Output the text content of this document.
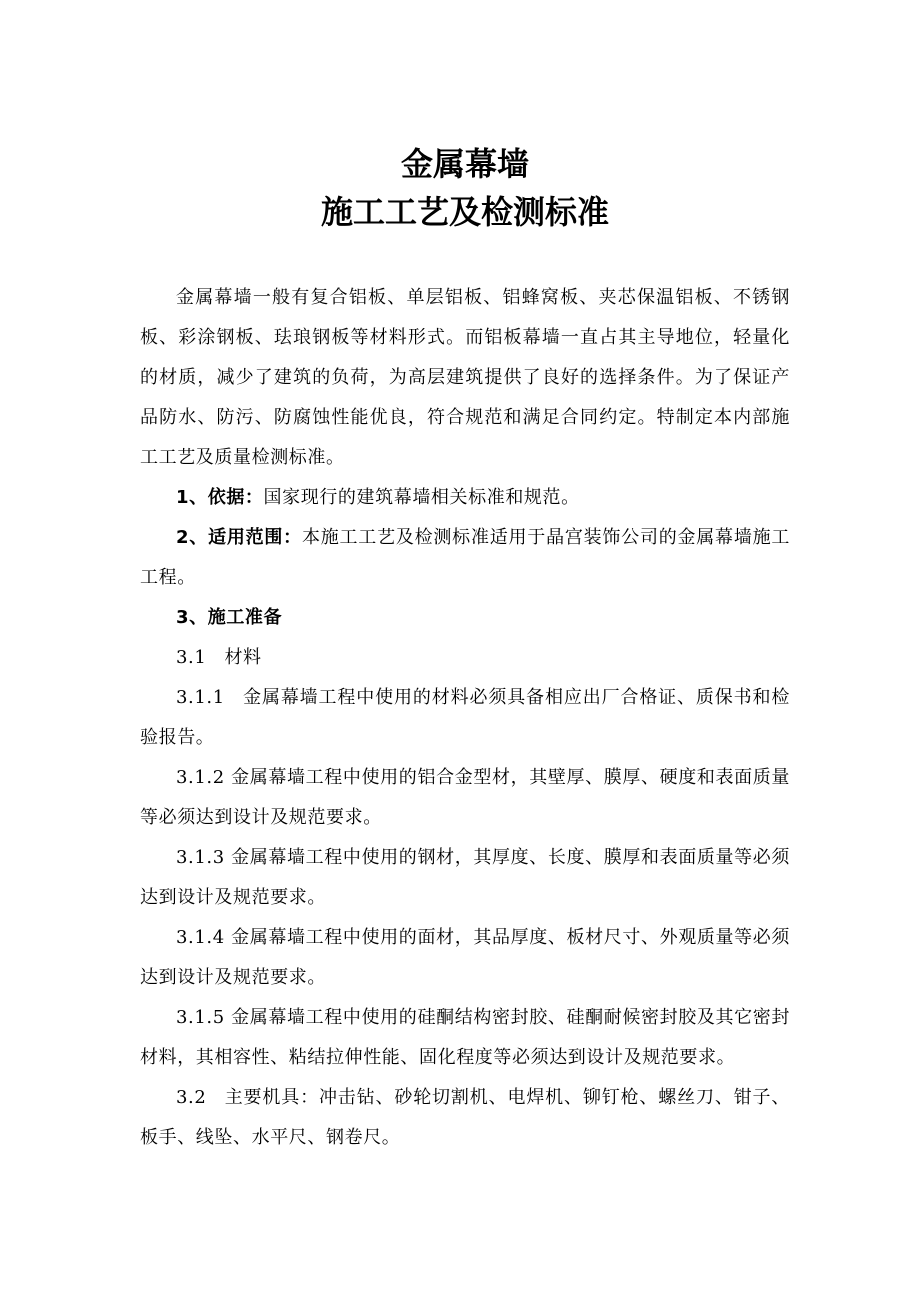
金属幕墙
施工工艺及检测标准

金属幕墙一般有复合铝板、单层铝板、铝蜂窝板、夹芯保温铝板、不锈钢板、彩涂钢板、珐琅钢板等材料形式。而铝板幕墙一直占其主导地位，轻量化的材质，减少了建筑的负荷，为高层建筑提供了良好的选择条件。为了保证产品防水、防污、防腐蚀性能优良，符合规范和满足合同约定。特制定本内部施工工艺及质量检测标准。

1、依据：国家现行的建筑幕墙相关标准和规范。

2、适用范围：本施工工艺及检测标准适用于晶宫装饰公司的金属幕墙施工工程。

3、施工准备

3.1 材料

3.1.1 金属幕墙工程中使用的材料必须具备相应出厂合格证、质保书和检验报告。

3.1.2 金属幕墙工程中使用的铝合金型材，其壁厚、膜厚、硬度和表面质量等必须达到设计及规范要求。

3.1.3 金属幕墙工程中使用的钢材，其厚度、长度、膜厚和表面质量等必须达到设计及规范要求。

3.1.4 金属幕墙工程中使用的面材，其品厚度、板材尺寸、外观质量等必须达到设计及规范要求。

3.1.5 金属幕墙工程中使用的硅酮结构密封胶、硅酮耐候密封胶及其它密封材料，其相容性、粘结拉伸性能、固化程度等必须达到设计及规范要求。

3.2 主要机具：冲击钻、砂轮切割机、电焊机、铆钉枪、螺丝刀、钳子、板手、线坠、水平尺、钢卷尺。
